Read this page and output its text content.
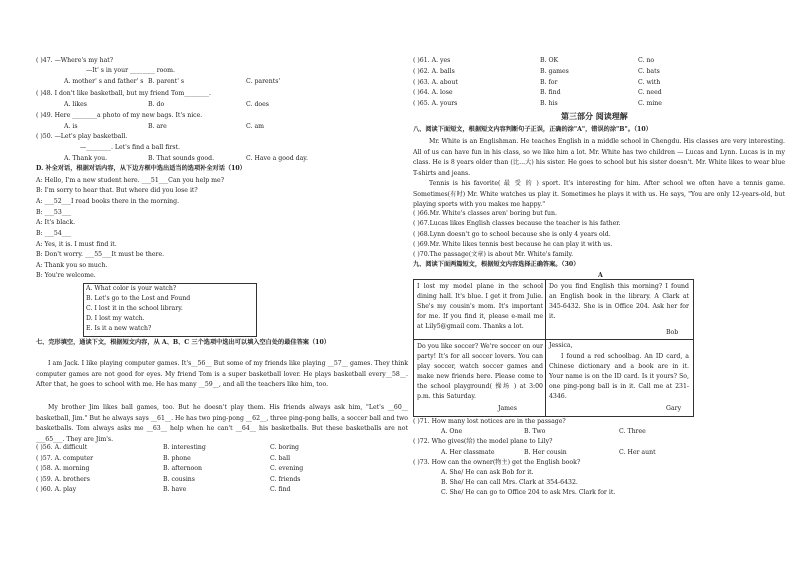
( )47. —Where's my hat?
—It' s in your ________ room.
A. mother' s and father' s B. parent' s	C. parents'
( )48. I don't like basketball, but my friend Tom________.
A. likes	B. do	C. does
( )49. Here ________a photo of my new bags. It's nice.
A. is	B. are	C. am
( )50. —Let's play basketball.
—________. Let's find a ball first.
A. Thank you.	B. That sounds good.	C. Have a good day.
D. 补全对话，根据对话内容，从下边方框中选出适当的选项补全对话（10）
A: Hello, I'm a new student here. ___51___Can you help me?
B: I'm sorry to hear that. But where did you lose it?
A: ___52___I read books there in the morning.
B: ___53___
A: It's black.
B: ___54___
A: Yes, it is. I must find it.
B: Don't worry. ___55___It must be there.
A: Thank you so much.
B: You're welcome.
A. What color is your watch?
B. Let's go to the Lost and Found
C. I lost it in the school library.
D. I lost my watch.
E. Is it a new watch?
七、完形填空，通读下文，根据短文内容，从 A、B、C 三个选项中选出可以填入空白处的最佳答案（10）
I am Jack. I like playing computer games. It's__56__ But some of my friends like playing __57__ games. They think computer games are not good for eyes. My friend Tom is a super basketball lover. He plays basketball every__58__. After that, he goes to school with me. He has many __59__, and all the teachers like him, too.
My brother Jim likes ball games, too. But he doesn't play them. His friends always ask him, "Let's __60__ basketball, Jim." But he always says __61__. He has two ping-pong __62__, three ping-pong balls, a soccer ball and two basketballs. Tom always asks me __63__ help when he can't __64__ his basketballs. But these basketballs are not ___65___. They are Jim's.
( )56. A. difficult	B. interesting	C. boring
( )57. A. computer	B. phone	C. ball
( )58. A. morning	B. afternoon	C. evening
( )59. A. brothers	B. cousins	C. friends
( )60. A. play	B. have	C. find
( )61. A. yes	B. OK	C. no
( )62. A. balls	B. games	C. bats
( )63. A. about	B. for	C. with
( )64. A. lose	B. find	C. need
( )65. A. yours	B. his	C. mine
第三部分 阅读理解
八、阅读下面短文，根据短文内容判断句子正误，正确的涂"A"，错误的涂"B"。（10）
Mr. White is an Englishman. He teaches English in a middle school in Chengdu. His classes are very interesting. All of us can have fun in his class, so we like him a lot. Mr. White has two children — Lucas and Lynn. Lucas is in my class. He is 8 years older than (比...大) his sister. He goes to school but his sister doesn't. Mr. White likes to wear blue T-shirts and jeans.
Tennis is his favorite( 最 受 的 ) sport. It's interesting for him. After school we often have a tennis game. Sometimes(有时) Mr. White watches us play it. Sometimes he plays it with us. He says, "You are only 12-years-old, but playing sports with you makes me happy."
( )66.Mr. White's classes aren' boring but fun.
( )67.Lucas likes English classes because the teacher is his father.
( )68.Lynn doesn't go to school because she is only 4 years old.
( )69.Mr. White likes tennis best because he can play it with us.
( )70.The passage(文章) is about Mr. White's family.
九、阅读下面两篇短文，根据短文内容选择正确答案。（30）
A
I lost my model plane in the school dining hall. It's blue. I get it from Julie. She's my cousin's mom. It's important for me. If you find it, please e-mail me at Lily5@gmail com. Thanks a lot.
Do you find English this morning? I found an English book in the library. A Clark at 345-6432. She is in Office 204. Ask her for it.
Bob
Do you like soccer? We're soccer on our party! It's for all soccer lovers. You can play soccer, watch soccer games and make new friends here. Please come to the school playground( 操场 ) at 3:00 p.m. this Saturday.
James
Jessica,
I found a red schoolbag. An ID card, a Chinese dictionary and a book are in it. Your name is on the ID card. Is it yours? So, one ping-pong ball is in it. Call me at 231-4346.
Gary
( )71. How many lost notices are in the passage?
A. One	B. Two	C. Three
( )72. Who gives(给) the model plane to Lily?
A. Her classmate	B. Her cousin	C. Her aunt
( )73. How can the owner(物主) get the English book?
A. She/ He can ask Bob for it.
B. She/ He can call Mrs. Clark at 354-6432.
C. She/ He can go to Office 204 to ask Mrs. Clark for it.
